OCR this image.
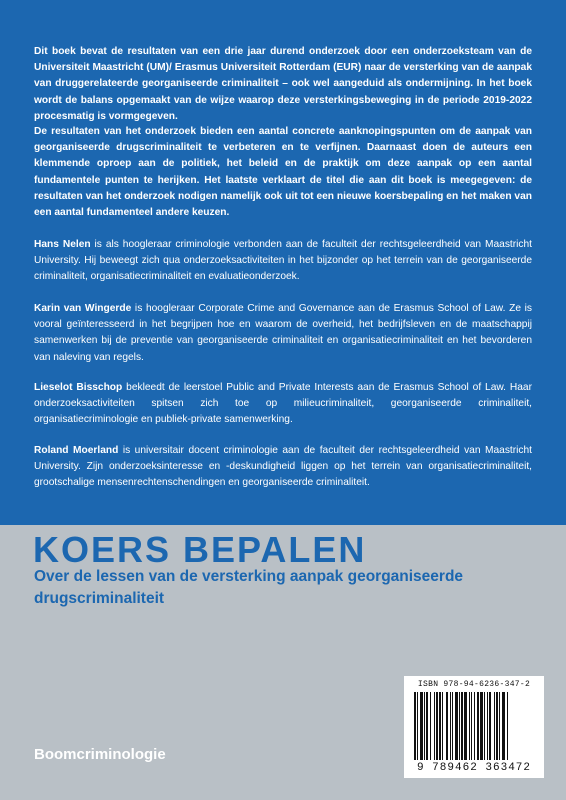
Dit boek bevat de resultaten van een drie jaar durend onderzoek door een onderzoeksteam van de Universiteit Maastricht (UM)/ Erasmus Universiteit Rotterdam (EUR) naar de versterking van de aanpak van druggerelateerde georganiseerde criminaliteit – ook wel aangeduid als ondermijning. In het boek wordt de balans opgemaakt van de wijze waarop deze versterkingsbeweging in de periode 2019-2022 procesmatig is vormgegeven.

De resultaten van het onderzoek bieden een aantal concrete aanknopingspunten om de aanpak van georganiseerde drugscriminaliteit te verbeteren en te verfijnen. Daarnaast doen de auteurs een klemmende oproep aan de politiek, het beleid en de praktijk om deze aanpak op een aantal fundamentele punten te herijken. Het laatste verklaart de titel die aan dit boek is meegegeven: de resultaten van het onderzoek nodigen namelijk ook uit tot een nieuwe koersbepaling en het maken van een aantal fundamenteel andere keuzen.

Hans Nelen is als hoogleraar criminologie verbonden aan de faculteit der rechtsgeleerdheid van Maastricht University. Hij beweegt zich qua onderzoeksactiviteiten in het bijzonder op het terrein van de georganiseerde criminaliteit, organisatiecriminaliteit en evaluatieonderzoek.

Karin van Wingerde is hoogleraar Corporate Crime and Governance aan de Erasmus School of Law. Ze is vooral geïnteresseerd in het begrijpen hoe en waarom de overheid, het bedrijfsleven en de maatschappij samenwerken bij de preventie van georganiseerde criminaliteit en organisatiecriminaliteit en het bevorderen van naleving van regels.

Lieselot Bisschop bekleedt de leerstoel Public and Private Interests aan de Erasmus School of Law. Haar onderzoeksactiviteiten spitsen zich toe op milieucriminaliteit, georganiseerde criminaliteit, organisatiecriminologie en publiek-private samenwerking.

Roland Moerland is universitair docent criminologie aan de faculteit der rechtsgeleerdheid van Maastricht University. Zijn onderzoeksinteresse en -deskundigheid liggen op het terrein van organisatiecriminaliteit, grootschalige mensenrechtenschendingen en georganiseerde criminaliteit.

KOERS BEPALEN

Over de lessen van de versterking aanpak georganiseerde drugscriminaliteit

ISBN 978-94-6236-347-2
9 789462 363472

Boomcriminologie
